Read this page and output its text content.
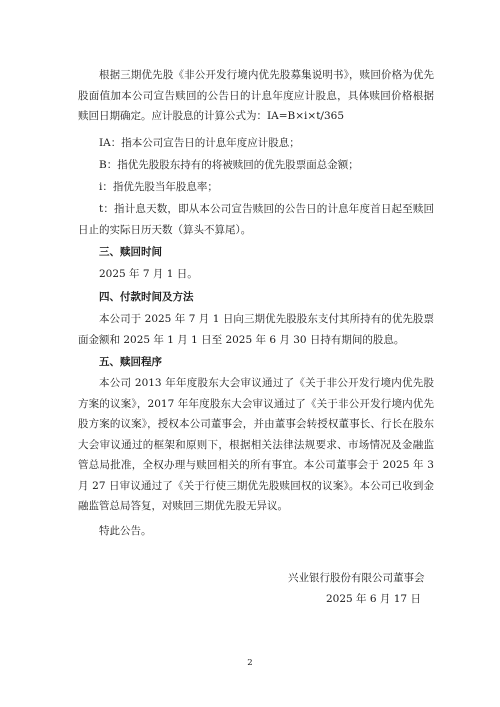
根据三期优先股《非公开发行境内优先股募集说明书》，赎回价格为优先股面值加本公司宣告赎回的公告日的计息年度应计股息，具体赎回价格根据赎回日期确定。应计股息的计算公式为：IA=B×i×t/365

IA：指本公司宣告日的计息年度应计股息；

B：指优先股股东持有的将被赎回的优先股票面总金额；

i：指优先股当年股息率；

t：指计息天数，即从本公司宣告赎回的公告日的计息年度首日起至赎回日止的实际日历天数（算头不算尾）。

三、赎回时间

2025 年 7 月 1 日。

四、付款时间及方法

本公司于 2025 年 7 月 1 日向三期优先股股东支付其所持有的优先股票面金额和 2025 年 1 月 1 日至 2025 年 6 月 30 日持有期间的股息。

五、赎回程序

本公司 2013 年年度股东大会审议通过了《关于非公开发行境内优先股方案的议案》，2017 年年度股东大会审议通过了《关于非公开发行境内优先股方案的议案》，授权本公司董事会，并由董事会转授权董事长、行长在股东大会审议通过的框架和原则下，根据相关法律法规要求、市场情况及金融监管总局批准，全权办理与赎回相关的所有事宜。本公司董事会于 2025 年 3 月 27 日审议通过了《关于行使三期优先股赎回权的议案》。本公司已收到金融监管总局答复，对赎回三期优先股无异议。

特此公告。

兴业银行股份有限公司董事会

2025 年 6 月 17 日

2
